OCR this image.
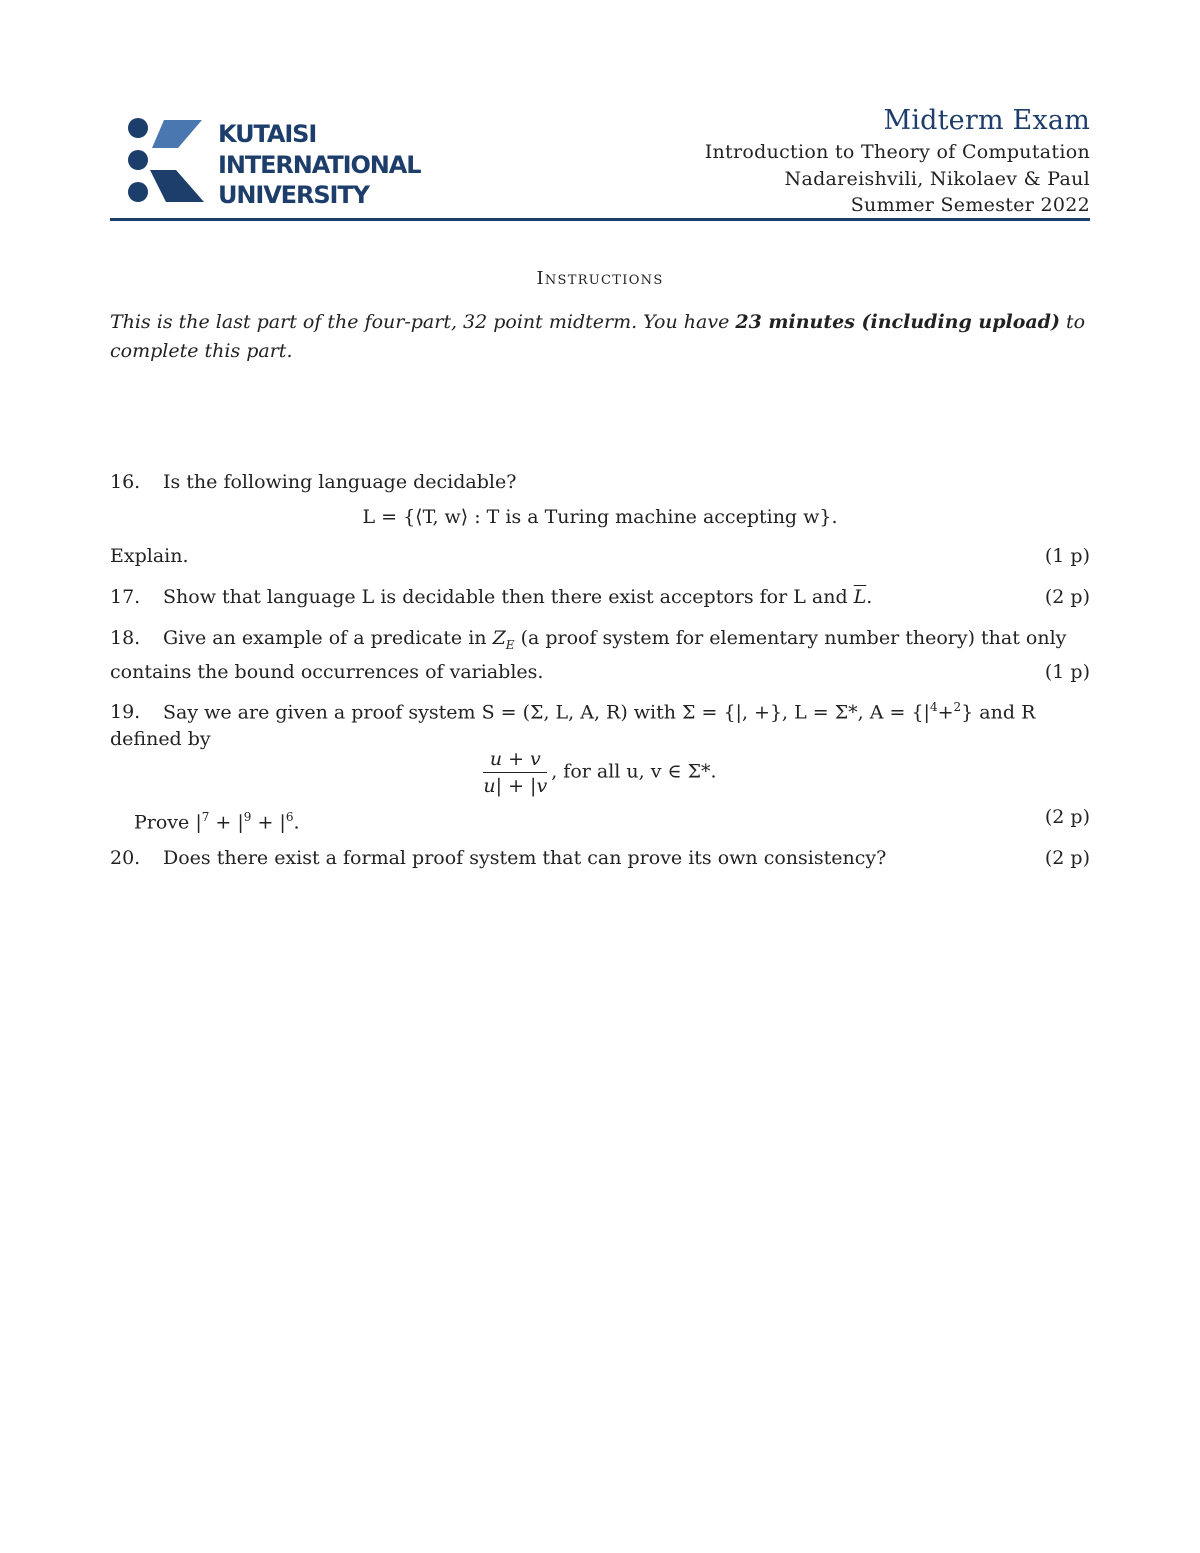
KUTAISI
INTERNATIONAL
UNIVERSITY
Midterm Exam
Introduction to Theory of Computation
Nadareishvili, Nikolaev & Paul
Summer Semester 2022
Instructions
This is the last part of the four-part, 32 point midterm. You have 23 minutes (including upload) to complete this part.
16. Is the following language decidable?
L = {⟨T, w⟩ : T is a Turing machine accepting w}.
Explain.	(1 p)
17. Show that language L is decidable then there exist acceptors for L and $\overline{L}$.	(2 p)
18. Give an example of a predicate in $Z_E$ (a proof system for elementary number theory) that only contains the bound occurrences of variables.	(1 p)
19. Say we are given a proof system S = (Σ, L, A, R) with Σ = {|, +}, L = Σ*, $A = \{|^4+^2\}$ and R defined by
$\frac{u + v}{u| + |v}$ , for all u, v ∈ Σ*.
Prove $|^7 + |^9 + |^6$.	(2 p)
20. Does there exist a formal proof system that can prove its own consistency?	(2 p)
